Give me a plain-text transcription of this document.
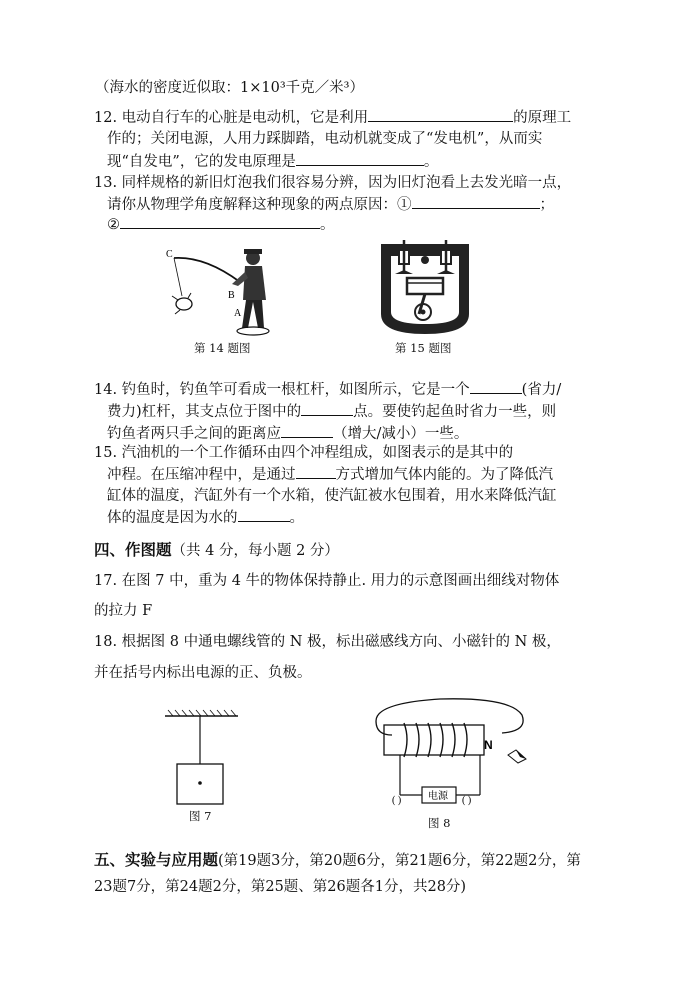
（海水的密度近似取：1×10³千克／米³）
12. 电动自行车的心脏是电动机，它是利用	的原理工
作的；关闭电源，人用力踩脚踏，电动机就变成了“发电机”，从而实
现“自发电”，它的发电原理是	。
13. 同样规格的新旧灯泡我们很容易分辨，因为旧灯泡看上去发光暗一点，
请你从物理学角度解释这种现象的两点原因：①	；
②	。
C
B
A
第 14 题图	第 15 题图
14. 钓鱼时，钓鱼竿可看成一根杠杆，如图所示，它是一个	(省力/
费力)杠杆，其支点位于图中的	点。要使钓起鱼时省力一些，则
钓鱼者两只手之间的距离应	（增大/减小）一些。
15. 汽油机的一个工作循环由四个冲程组成，如图表示的是其中的
冲程。在压缩冲程中，是通过	方式增加气体内能的。为了降低汽
缸体的温度，汽缸外有一个水箱，使汽缸被水包围着，用水来降低汽缸
体的温度是因为水的	。
四、作图题（共 4 分，每小题 2 分）
17. 在图 7 中，重为 4 牛的物体保持静止. 用力的示意图画出细线对物体
的拉力 F
18. 根据图 8 中通电螺线管的 N 极，标出磁感线方向、小磁针的 N 极，
并在括号内标出电源的正、负极。
图 7
N
电源
( )	( )
图 8
五、实验与应用题(第19题3分，第20题6分，第21题6分，第22题2分，第
23题7分，第24题2分，第25题、第26题各1分，共28分)
